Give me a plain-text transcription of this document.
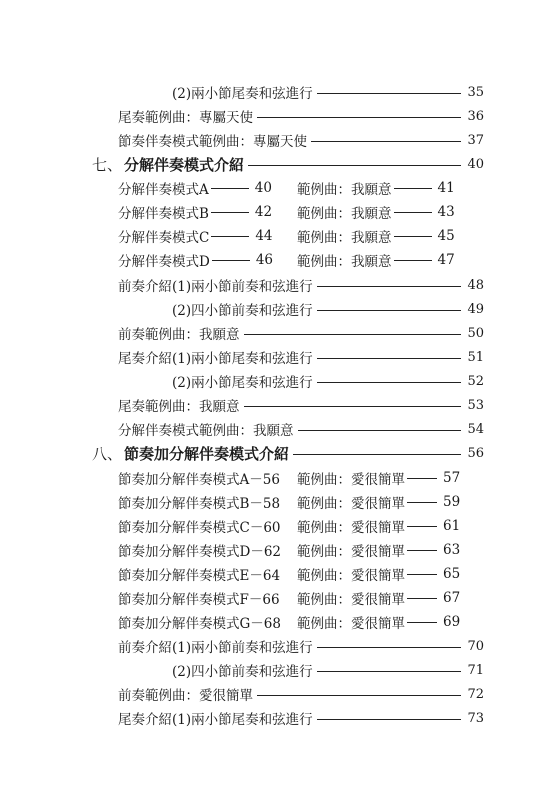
(2)兩小節尾奏和弦進行	35
尾奏範例曲：專屬天使	36
節奏伴奏模式範例曲：專屬天使	37
七、 分解伴奏模式介紹	40
分解伴奏模式A	40 範例曲：我願意	41
分解伴奏模式B	42 範例曲：我願意	43
分解伴奏模式C	44 範例曲：我願意	45
分解伴奏模式D	46 範例曲：我願意	47
前奏介紹(1)兩小節前奏和弦進行	48
(2)四小節前奏和弦進行	49
前奏範例曲：我願意	50
尾奏介紹(1)兩小節尾奏和弦進行	51
(2)兩小節尾奏和弦進行	52
尾奏範例曲：我願意	53
分解伴奏模式範例曲：我願意	54
八、 節奏加分解伴奏模式介紹	56
節奏加分解伴奏模式A－56 範例曲：愛很簡單	57
節奏加分解伴奏模式B－58 範例曲：愛很簡單	59
節奏加分解伴奏模式C－60 範例曲：愛很簡單	61
節奏加分解伴奏模式D－62 範例曲：愛很簡單	63
節奏加分解伴奏模式E－64 範例曲：愛很簡單	65
節奏加分解伴奏模式F－66 範例曲：愛很簡單	67
節奏加分解伴奏模式G－68 範例曲：愛很簡單	69
前奏介紹(1)兩小節前奏和弦進行	70
(2)四小節前奏和弦進行	71
前奏範例曲：愛很簡單	72
尾奏介紹(1)兩小節尾奏和弦進行	73
